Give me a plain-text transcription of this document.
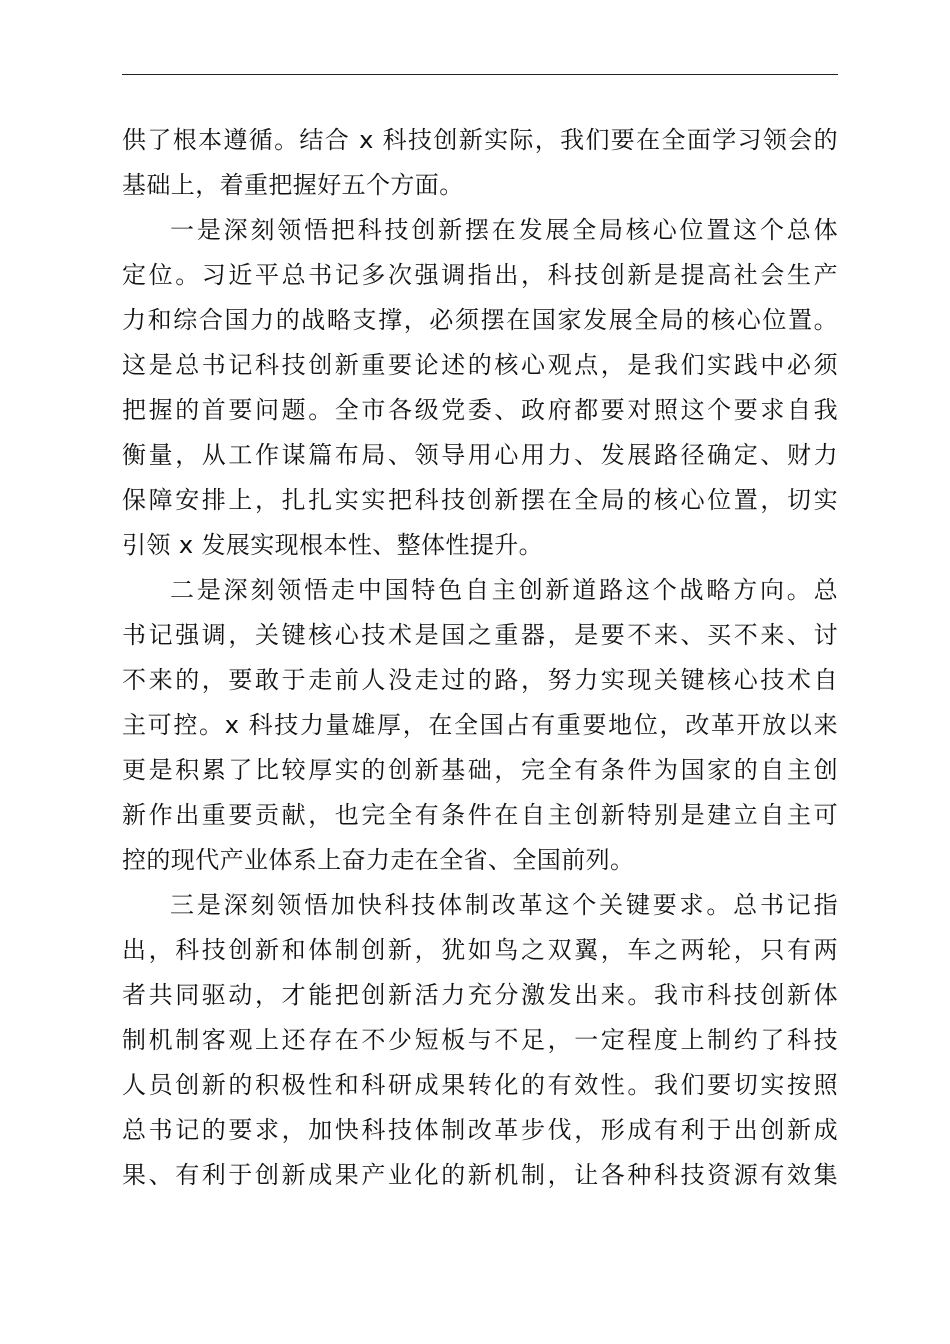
供了根本遵循。结合 x 科技创新实际，我们要在全面学习领会的
基础上，着重把握好五个方面。
一是深刻领悟把科技创新摆在发展全局核心位置这个总体
定位。习近平总书记多次强调指出，科技创新是提高社会生产
力和综合国力的战略支撑，必须摆在国家发展全局的核心位置。
这是总书记科技创新重要论述的核心观点，是我们实践中必须
把握的首要问题。全市各级党委、政府都要对照这个要求自我
衡量，从工作谋篇布局、领导用心用力、发展路径确定、财力
保障安排上，扎扎实实把科技创新摆在全局的核心位置，切实
引领 x 发展实现根本性、整体性提升。
二是深刻领悟走中国特色自主创新道路这个战略方向。总
书记强调，关键核心技术是国之重器，是要不来、买不来、讨
不来的，要敢于走前人没走过的路，努力实现关键核心技术自
主可控。x 科技力量雄厚，在全国占有重要地位，改革开放以来
更是积累了比较厚实的创新基础，完全有条件为国家的自主创
新作出重要贡献，也完全有条件在自主创新特别是建立自主可
控的现代产业体系上奋力走在全省、全国前列。
三是深刻领悟加快科技体制改革这个关键要求。总书记指
出，科技创新和体制创新，犹如鸟之双翼，车之两轮，只有两
者共同驱动，才能把创新活力充分激发出来。我市科技创新体
制机制客观上还存在不少短板与不足，一定程度上制约了科技
人员创新的积极性和科研成果转化的有效性。我们要切实按照
总书记的要求，加快科技体制改革步伐，形成有利于出创新成
果、有利于创新成果产业化的新机制，让各种科技资源有效集
